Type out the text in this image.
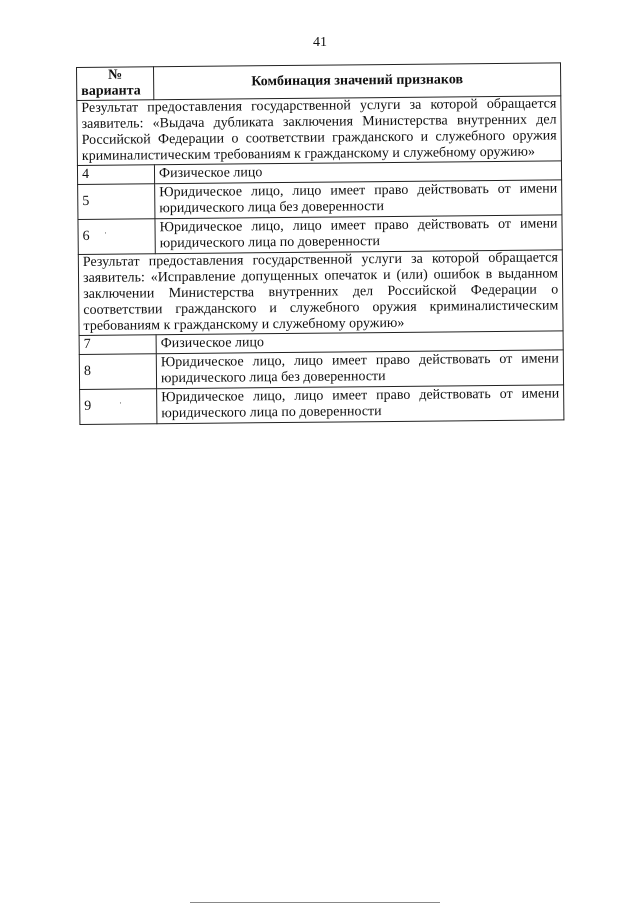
41
№
варианта	Комбинация значений признаков
Результат предоставления государственной услуги за которой обращается заявитель: «Выдача дубликата заключения Министерства внутренних дел Российской Федерации о соответствии гражданского и служебного оружия криминалистическим требованиям к гражданскому и служебному оружию»	
4	Физическое лицо
5	Юридическое лицо, лицо имеет право действовать от имени юридического лица без доверенности
6	Юридическое лицо, лицо имеет право действовать от имени юридического лица по доверенности
Результат предоставления государственной услуги за которой обращается заявитель: «Исправление допущенных опечаток и (или) ошибок в выданном заключении Министерства внутренних дел Российской Федерации о соответствии гражданского и служебного оружия криминалистическим требованиям к гражданскому и служебному оружию»	
7	Физическое лицо
8	Юридическое лицо, лицо имеет право действовать от имени юридического лица без доверенности
9	Юридическое лицо, лицо имеет право действовать от имени юридического лица по доверенности
·
·
